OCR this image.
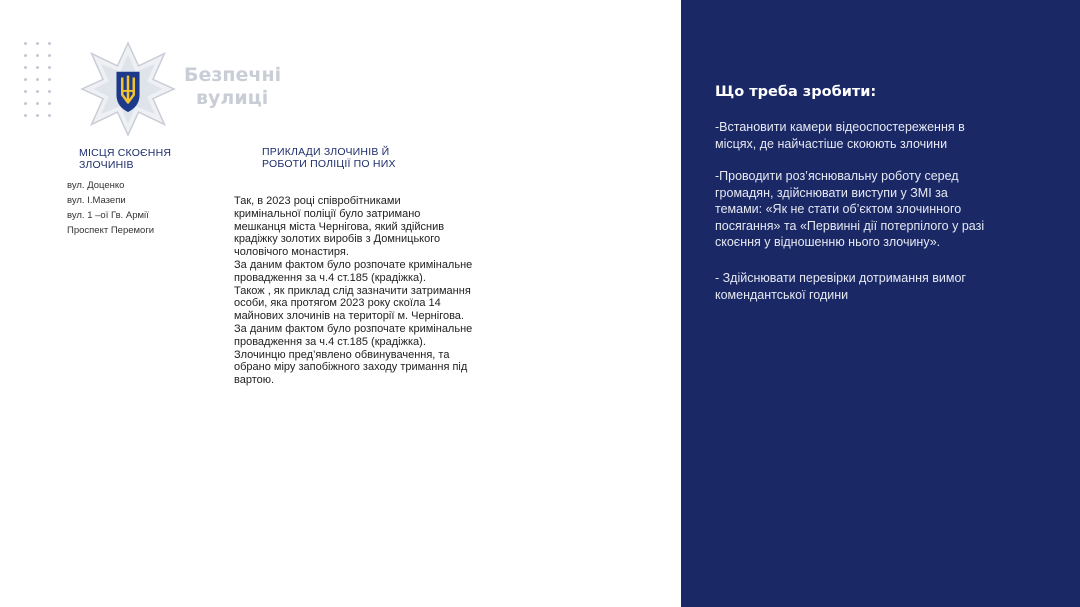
Безпечні
вулиці
МІСЦЯ СКОЄННЯ
ЗЛОЧИНІВ
вул. Доценко
вул. І.Мазепи
вул. 1 –ої Гв. Армії
Проспект Перемоги
ПРИКЛАДИ ЗЛОЧИНІВ Й
РОБОТИ ПОЛІЦІЇ ПО НИХ
Так, в 2023 році співробітниками
кримінальної поліції було затримано
мешканця міста Чернігова, який здійснив
крадіжку золотих виробів з Домницького
чоловічого монастиря.
За даним фактом було розпочате кримінальне
провадження за ч.4 ст.185 (крадіжка).
Також , як приклад слід зазначити затримання
особи, яка протягом 2023 року скоїла 14
майнових злочинів на території м. Чернігова.
За даним фактом було розпочате кримінальне
провадження за ч.4 ст.185 (крадіжка).
Злочинцю пред’явлено обвинувачення, та
обрано міру запобіжного заходу тримання під
вартою.
Що треба зробити:
-Встановити камери відеоспостереження в
місцях, де найчастіше скоюють злочини
-Проводити роз’яснювальну роботу серед
громадян, здійснювати виступи у ЗМІ за
темами: «Як не стати об’єктом злочинного
посягання» та «Первинні дії потерпілого у разі
скоєння у відношенню нього злочину».
- Здійснювати перевірки дотримання вимог
комендантської години
